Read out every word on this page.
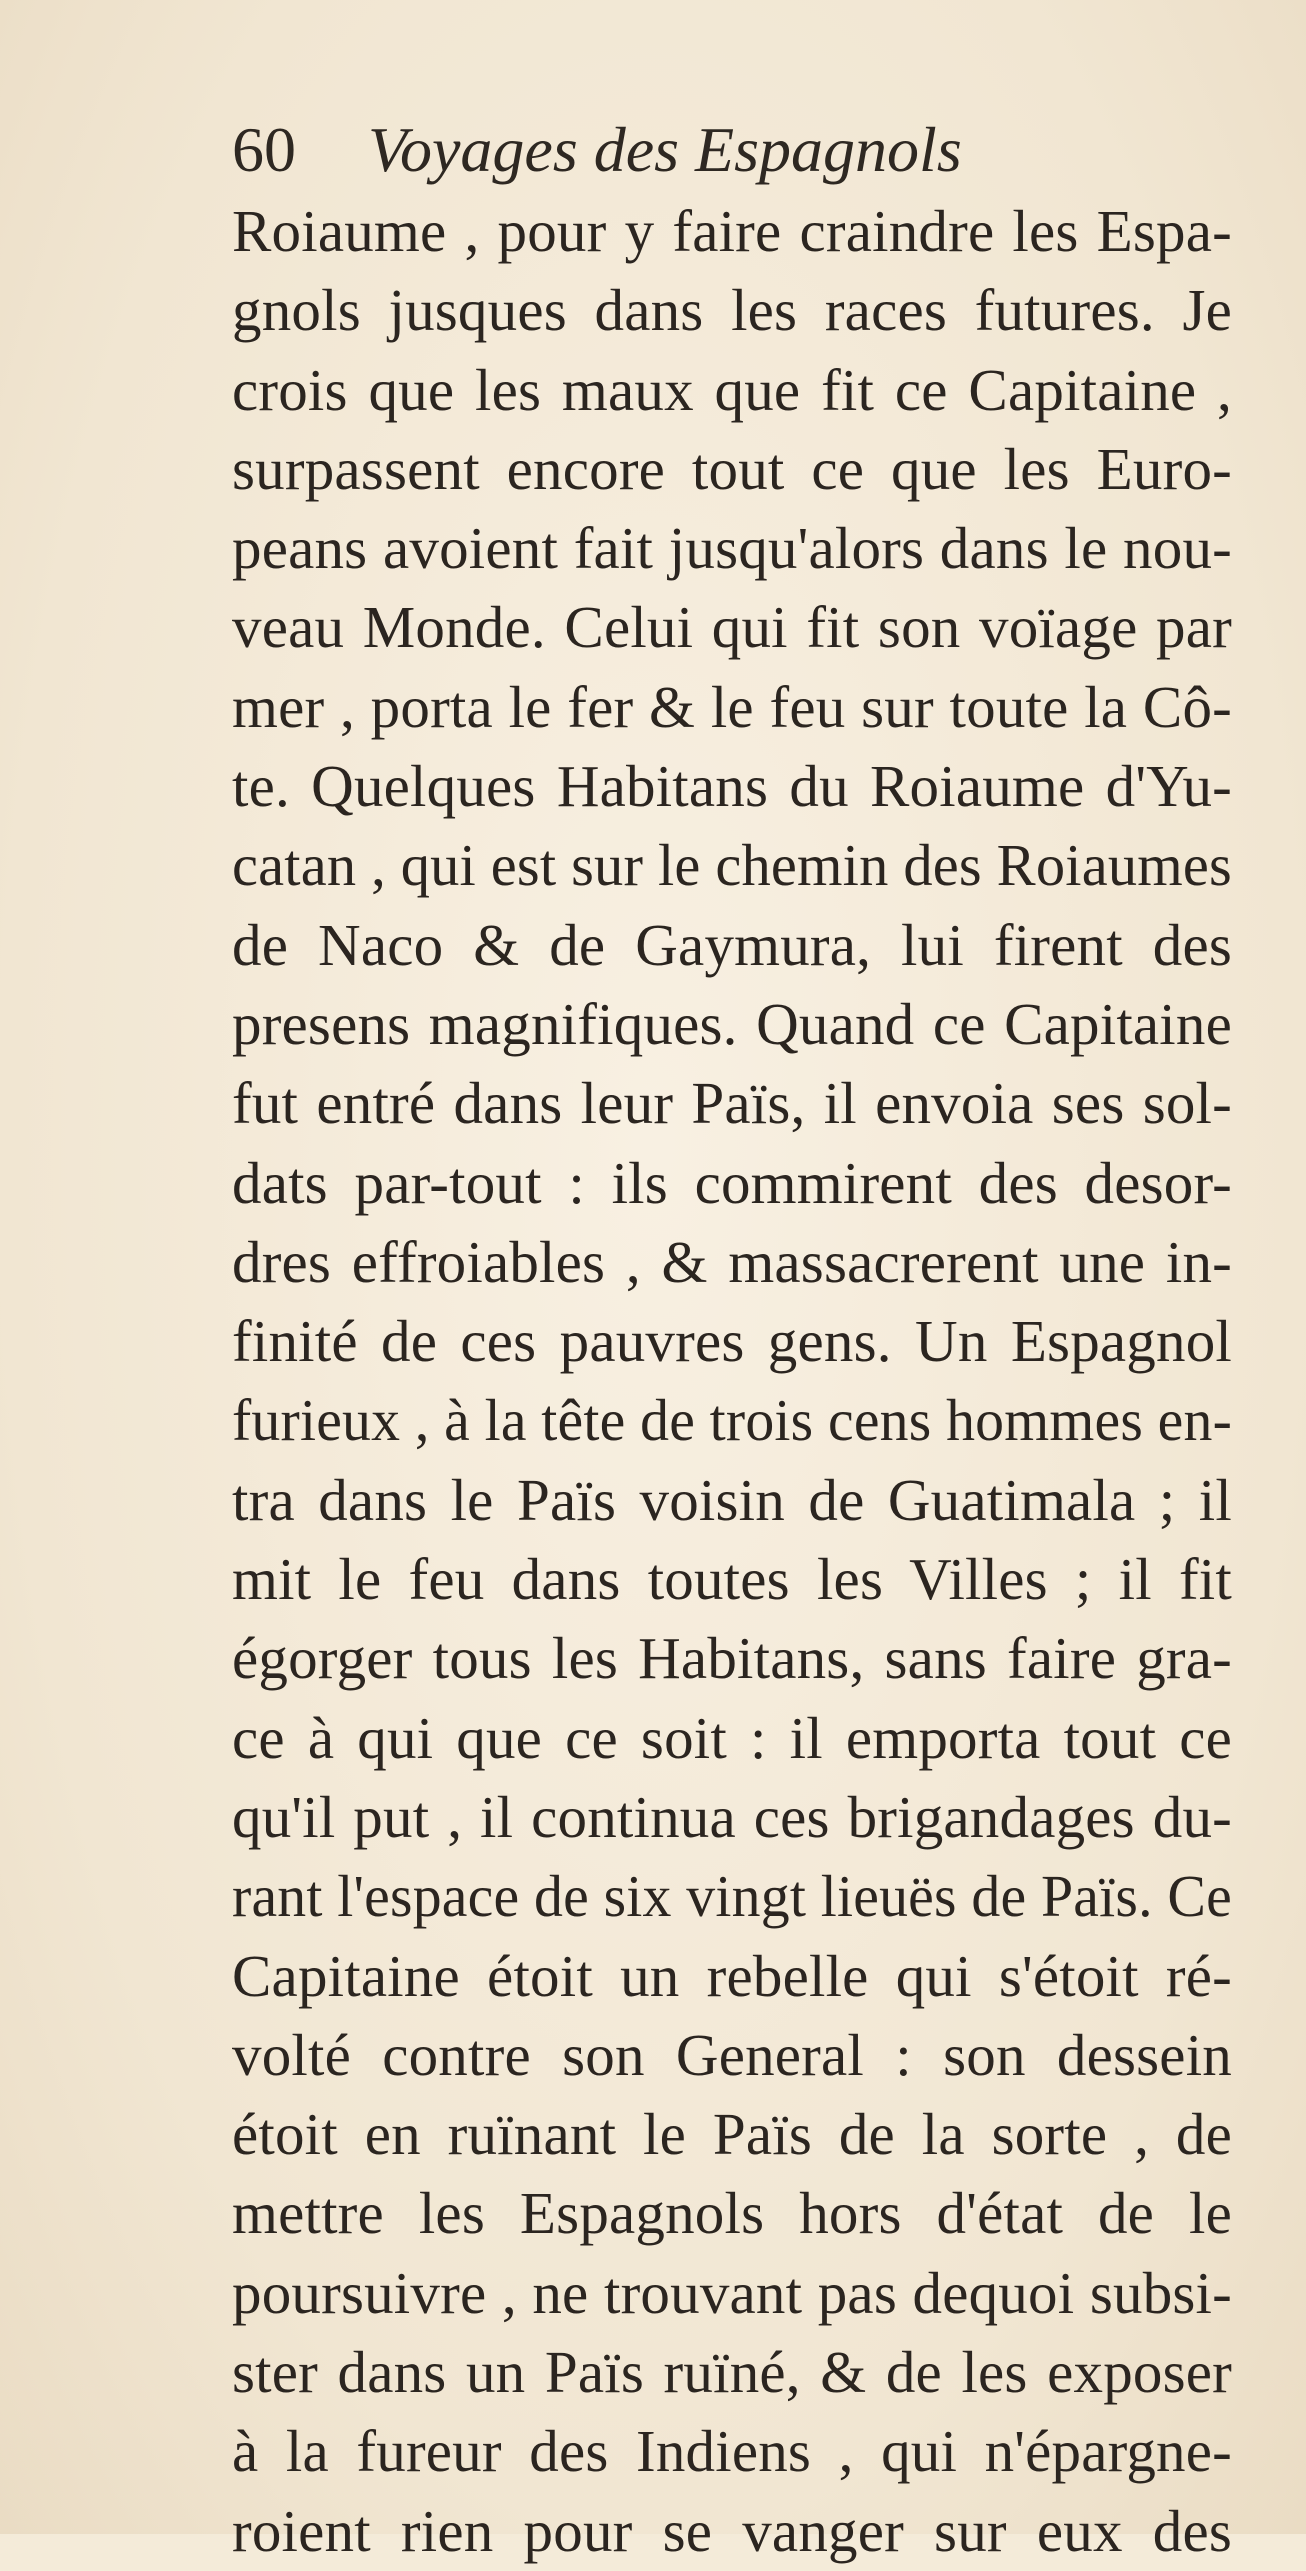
60 Voyages des Espagnols
Roiaume , pour y faire craindre les Espa-
gnols jusques dans les races futures. Je
crois que les maux que fit ce Capitaine ,
surpassent encore tout ce que les Euro-
peans avoient fait jusqu'alors dans le nou-
veau Monde. Celui qui fit son voïage par
mer , porta le fer & le feu sur toute la Cô-
te. Quelques Habitans du Roiaume d'Yu-
catan , qui est sur le chemin des Roiaumes
de Naco & de Gaymura, lui firent des
presens magnifiques. Quand ce Capitaine
fut entré dans leur Païs, il envoia ses sol-
dats par-tout : ils commirent des desor-
dres effroiables , & massacrerent une in-
finité de ces pauvres gens. Un Espagnol
furieux , à la tête de trois cens hommes en-
tra dans le Païs voisin de Guatimala ; il
mit le feu dans toutes les Villes ; il fit
égorger tous les Habitans, sans faire gra-
ce à qui que ce soit : il emporta tout ce
qu'il put , il continua ces brigandages du-
rant l'espace de six vingt lieuës de Païs. Ce
Capitaine étoit un rebelle qui s'étoit ré-
volté contre son General : son dessein
étoit en ruïnant le Païs de la sorte , de
mettre les Espagnols hors d'état de le
poursuivre , ne trouvant pas dequoi subsi-
ster dans un Païs ruïné, & de les exposer
à la fureur des Indiens , qui n'épargne-
roient rien pour se vanger sur eux des
